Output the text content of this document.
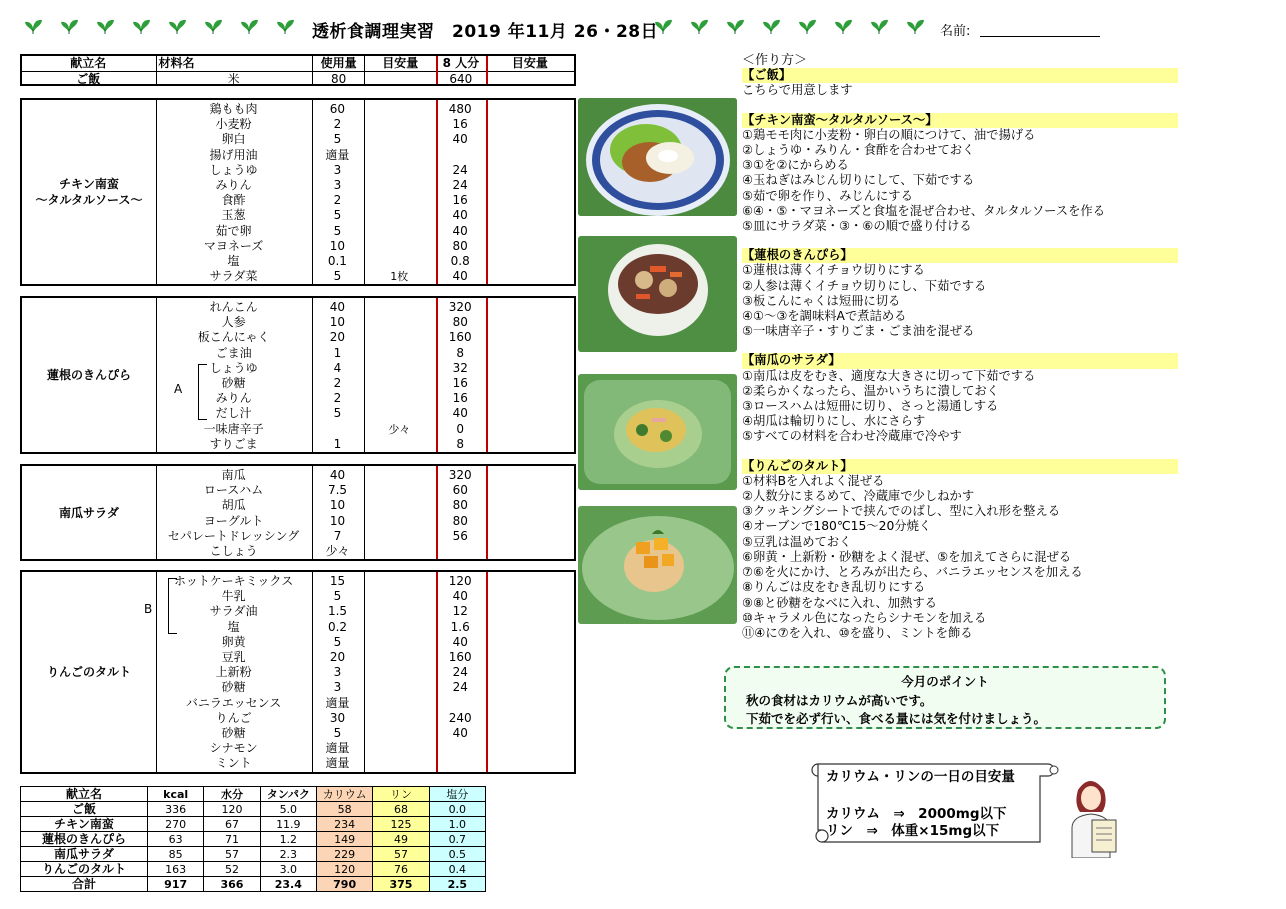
透析食調理実習　2019 年11月 26・28日	名前:
献立名	材料名	使用量	目安量	8 人分	目安量
ご飯	米	80		640	
	鶏もも肉	60		480	
	小麦粉	2		16	
	卵白	5		40	
	揚げ用油	適量			
	しょうゆ	3		24	
	みりん	3		24	
	食酢	2		16	
	玉葱	5		40	
	茹で卵	5		40	
	マヨネーズ	10		80	
	塩	0.1		0.8	
	サラダ菜	5	1枚	40	
チキン南蛮
～タルタルソース～
	れんこん	40		320	
	人参	10		80	
	板こんにゃく	20		160	
	ごま油	1		8	
	しょうゆ	4		32	
	砂糖	2		16	
	みりん	2		16	
	だし汁	5		40	
	一味唐辛子		少々	0	
	すりごま	1		8	
蓮根のきんぴら
A
	南瓜	40		320	
	ロースハム	7.5		60	
	胡瓜	10		80	
	ヨーグルト	10		80	
	セパレートドレッシング	7		56	
	こしょう	少々			
南瓜サラダ
	ホットケーキミックス	15		120	
	牛乳	5		40	
	サラダ油	1.5		12	
	塩	0.2		1.6	
	卵黄	5		40	
	豆乳	20		160	
	上新粉	3		24	
	砂糖	3		24	
	バニラエッセンス	適量			
	りんご	30		240	
	砂糖	5		40	
	シナモン	適量			
	ミント	適量			
りんごのタルト
B
献立名	kcal	水分	タンパク	カリウム	リン	塩分
ご飯	336	120	5.0	58	68	0.0
チキン南蛮	270	67	11.9	234	125	1.0
蓮根のきんぴら	63	71	1.2	149	49	0.7
南瓜サラダ	85	57	2.3	229	57	0.5
りんごのタルト	163	52	3.0	120	76	0.4
合計	917	366	23.4	790	375	2.5
＜作り方＞
【ご飯】
こちらで用意します
【チキン南蛮～タルタルソース～】
①鶏モモ肉に小麦粉・卵白の順につけて、油で揚げる
②しょうゆ・みりん・食酢を合わせておく
③①を②にからめる
④玉ねぎはみじん切りにして、下茹でする
⑤茹で卵を作り、みじんにする
⑥④・⑤・マヨネーズと食塩を混ぜ合わせ、タルタルソースを作る
⑤皿にサラダ菜・③・⑥の順で盛り付ける
【蓮根のきんぴら】
①蓮根は薄くイチョウ切りにする
②人参は薄くイチョウ切りにし、下茹でする
③板こんにゃくは短冊に切る
④①～③を調味料Aで煮詰める
⑤一味唐辛子・すりごま・ごま油を混ぜる
【南瓜のサラダ】
①南瓜は皮をむき、適度な大きさに切って下茹でする
②柔らかくなったら、温かいうちに潰しておく
③ロースハムは短冊に切り、さっと湯通しする
④胡瓜は輪切りにし、水にさらす
⑤すべての材料を合わせ冷蔵庫で冷やす
【りんごのタルト】
①材料Bを入れよく混ぜる
②人数分にまるめて、冷蔵庫で少しねかす
③クッキングシートで挟んでのばし、型に入れ形を整える
④オーブンで180℃15～20分焼く
⑤豆乳は温めておく
⑥卵黄・上新粉・砂糖をよく混ぜ、⑤を加えてさらに混ぜる
⑦⑥を火にかけ、とろみが出たら、バニラエッセンスを加える
⑧りんごは皮をむき乱切りにする
⑨⑧と砂糖をなべに入れ、加熱する
⑩キャラメル色になったらシナモンを加える
⑪④に⑦を入れ、⑩を盛り、ミントを飾る
今月のポイント
秋の食材はカリウムが高いです。
下茹でを必ず行い、食べる量には気を付けましょう。
カリウム・リンの一日の目安量
カリウム　⇒　2000mg以下
リン　⇒　体重×15mg以下
